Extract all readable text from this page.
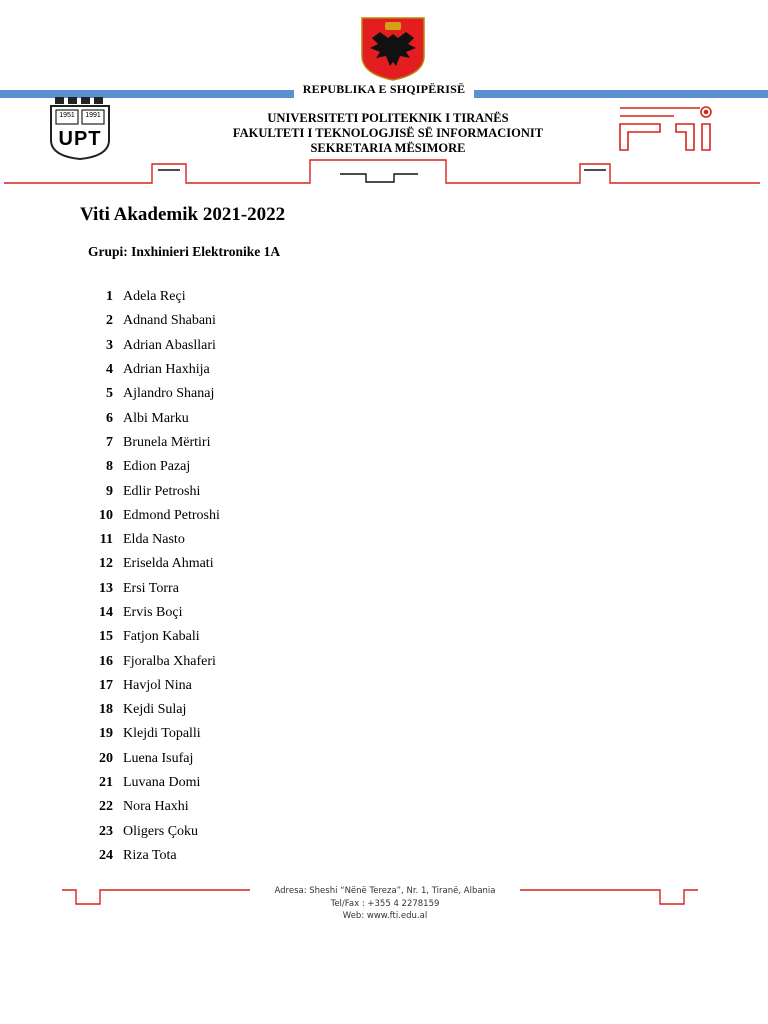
REPUBLIKA E SHQIPËRISË
1951	1991
UPT
UNIVERSITETI POLITEKNIK I TIRANËS
FAKULTETI I TEKNOLOGJISË SË INFORMACIONIT
SEKRETARIA MËSIMORE
Viti Akademik 2021-2022
Grupi: Inxhinieri Elektronike 1A
1 Adela Reçi
2 Adnand Shabani
3 Adrian Abasllari
4 Adrian Haxhija
5 Ajlandro Shanaj
6 Albi Marku
7 Brunela Mërtiri
8 Edion Pazaj
9 Edlir Petroshi
10 Edmond Petroshi
11 Elda Nasto
12 Eriselda Ahmati
13 Ersi Torra
14 Ervis Boçi
15 Fatjon Kabali
16 Fjoralba Xhaferi
17 Havjol Nina
18 Kejdi Sulaj
19 Klejdi Topalli
20 Luena Isufaj
21 Luvana Domi
22 Nora Haxhi
23 Oligers Çoku
24 Riza Tota
Adresa: Sheshi “Nënë Tereza”, Nr. 1, Tiranë, Albania
Tel/Fax : +355 4 2278159
Web: www.fti.edu.al
